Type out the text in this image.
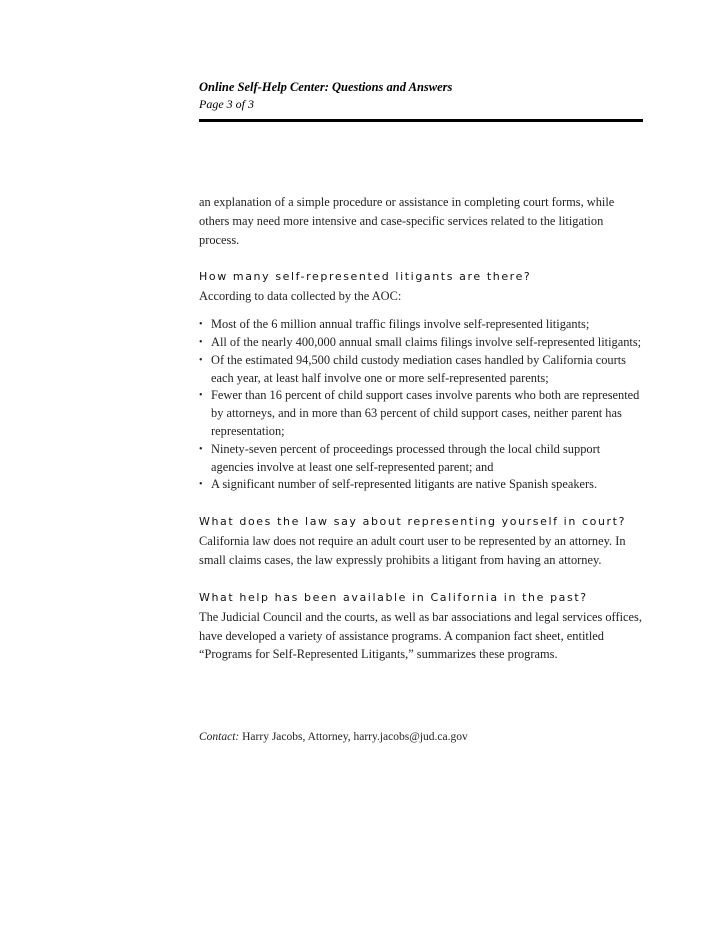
Online Self-Help Center: Questions and Answers
Page 3 of 3

an explanation of a simple procedure or assistance in completing court forms, while others may need more intensive and case-specific services related to the litigation process.

How many self-represented litigants are there?

According to data collected by the AOC:

• Most of the 6 million annual traffic filings involve self-represented litigants;
• All of the nearly 400,000 annual small claims filings involve self-represented litigants;
• Of the estimated 94,500 child custody mediation cases handled by California courts each year, at least half involve one or more self-represented parents;
• Fewer than 16 percent of child support cases involve parents who both are represented by attorneys, and in more than 63 percent of child support cases, neither parent has representation;
• Ninety-seven percent of proceedings processed through the local child support agencies involve at least one self-represented parent; and
• A significant number of self-represented litigants are native Spanish speakers.
What does the law say about representing yourself in court?

California law does not require an adult court user to be represented by an attorney. In small claims cases, the law expressly prohibits a litigant from having an attorney.

What help has been available in California in the past?

The Judicial Council and the courts, as well as bar associations and legal services offices, have developed a variety of assistance programs. A companion fact sheet, entitled “Programs for Self-Represented Litigants,” summarizes these programs.

Contact: Harry Jacobs, Attorney, harry.jacobs@jud.ca.gov
